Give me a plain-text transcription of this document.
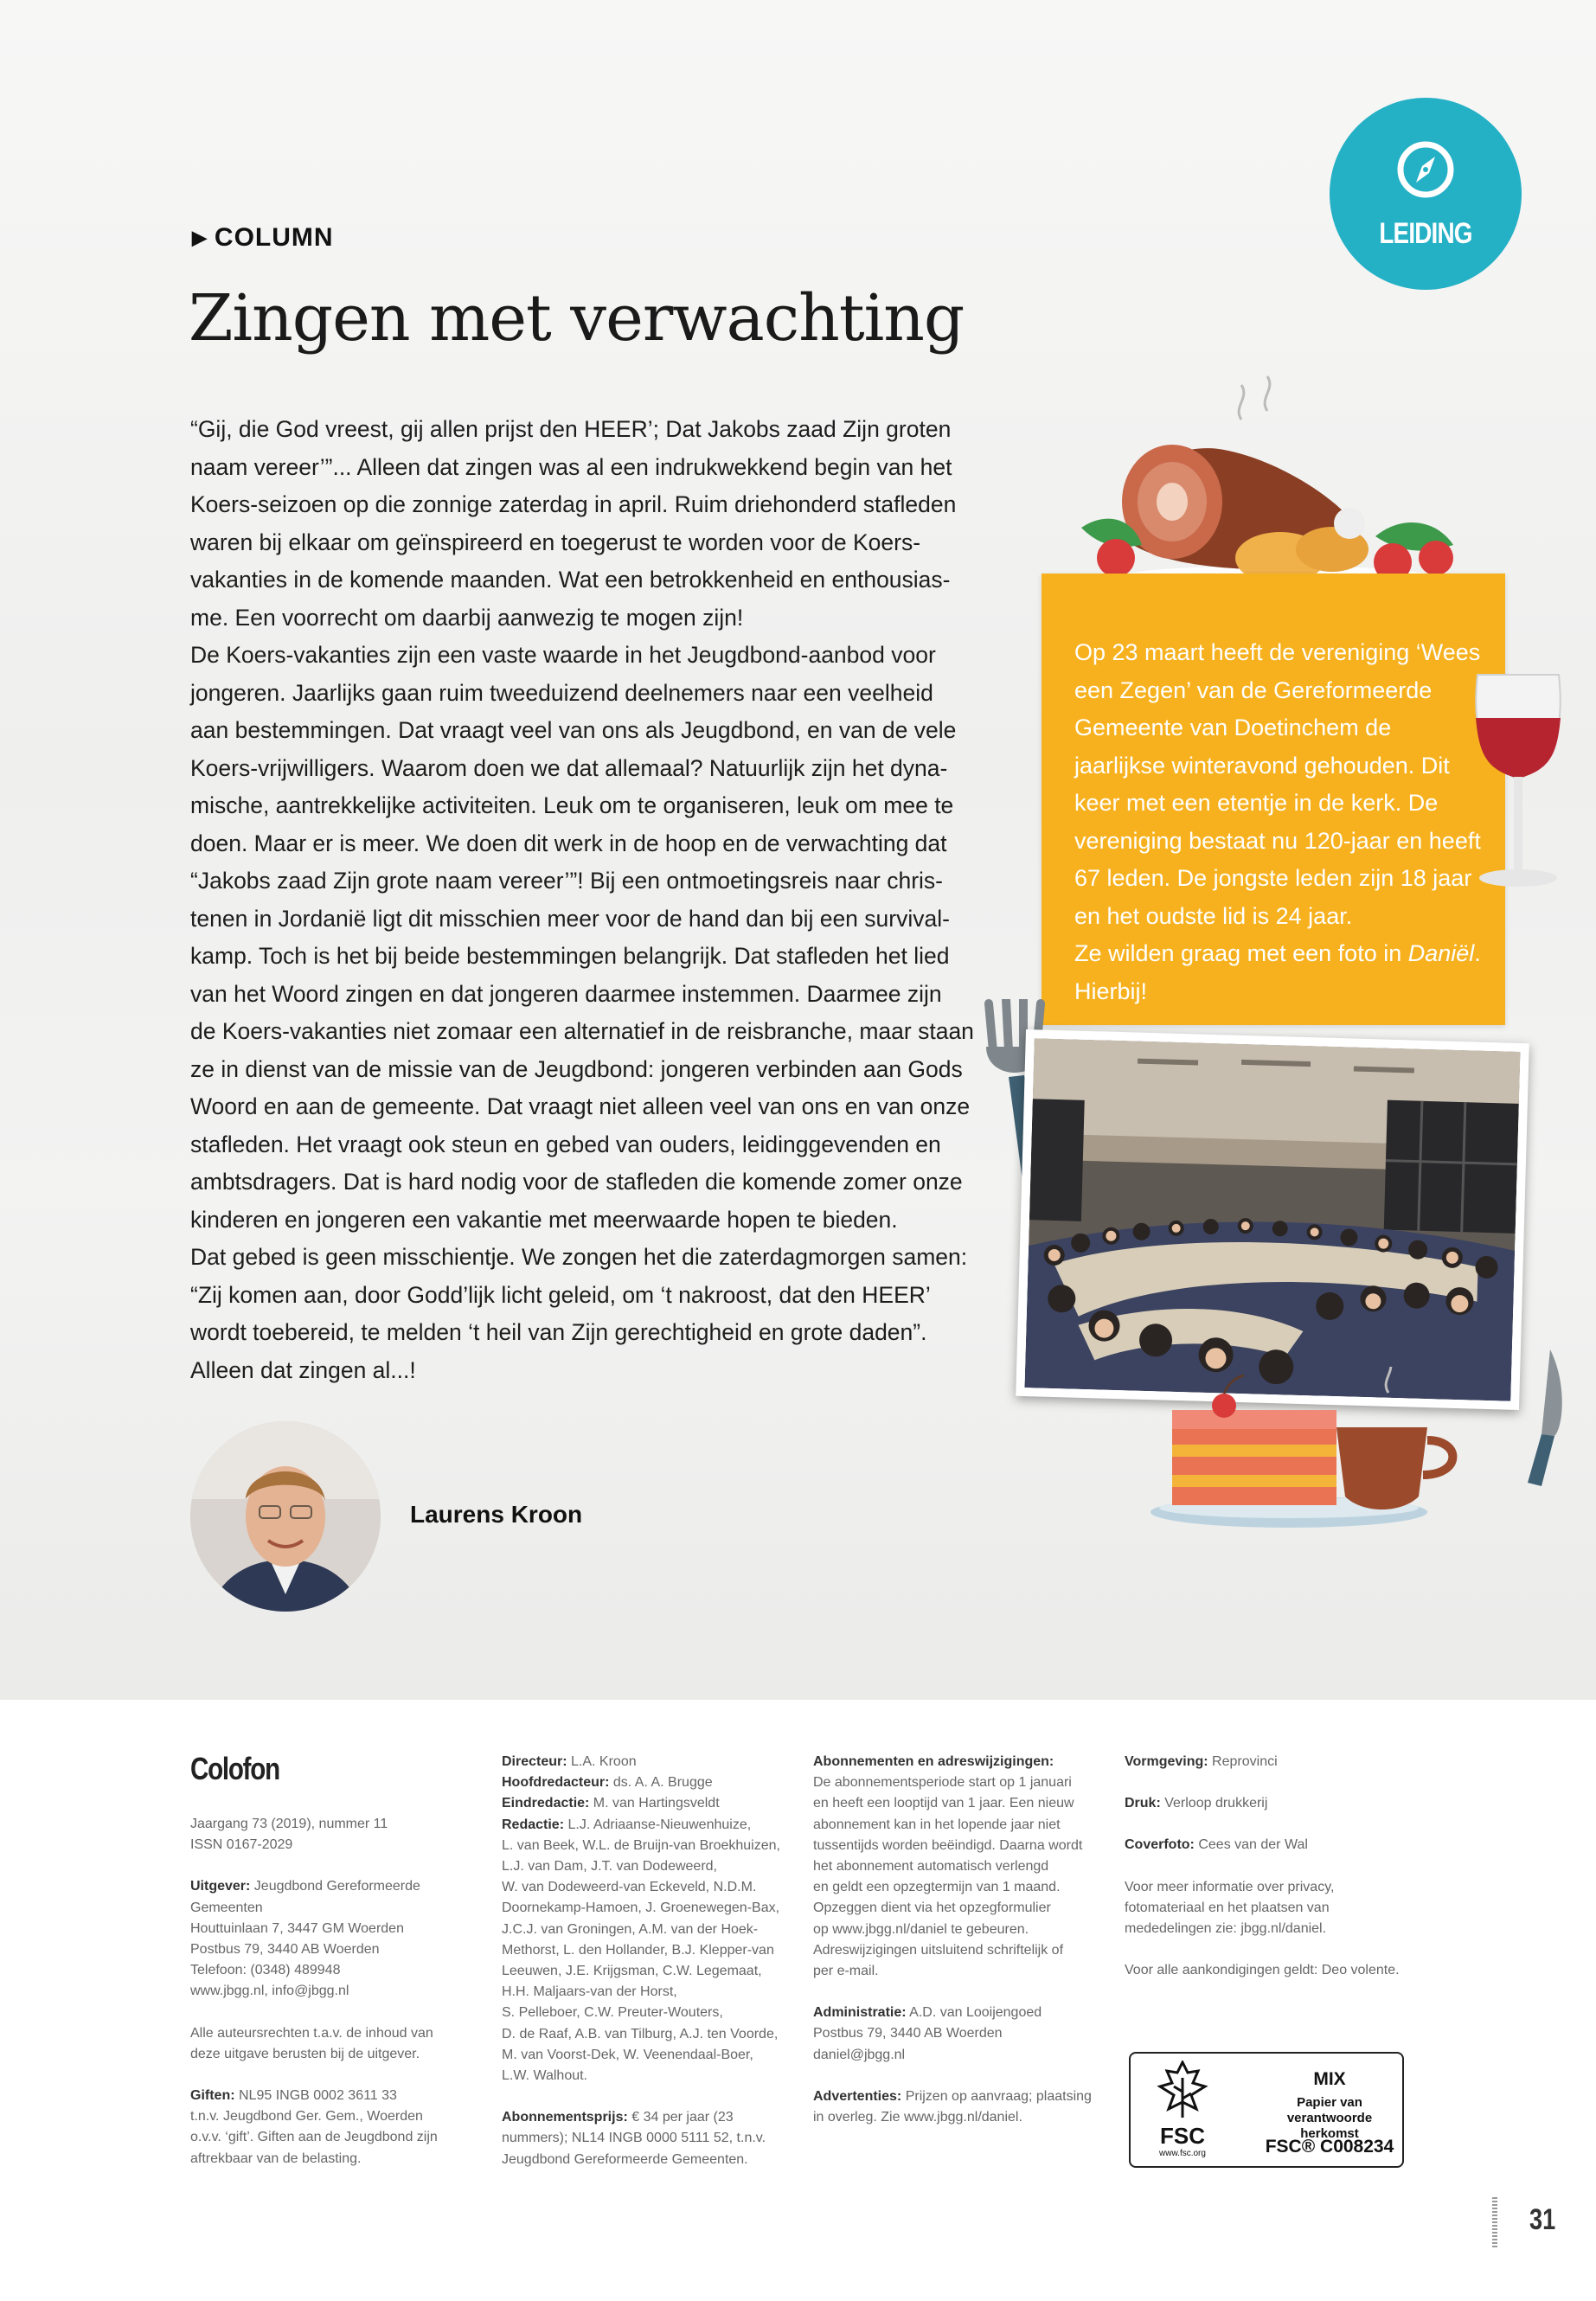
LEIDING
▶ COLUMN
Zingen met verwachting
“Gij, die God vreest, gij allen prijst den HEER’; Dat Jakobs zaad Zijn groten
naam vereer’”... Alleen dat zingen was al een indrukwekkend begin van het
Koers-seizoen op die zonnige zaterdag in april. Ruim driehonderd stafleden
waren bij elkaar om geïnspireerd en toegerust te worden voor de Koers-
vakanties in de komende maanden. Wat een betrokkenheid en enthousias-
me. Een voorrecht om daarbij aanwezig te mogen zijn!
De Koers-vakanties zijn een vaste waarde in het Jeugdbond-aanbod voor
jongeren. Jaarlijks gaan ruim tweeduizend deelnemers naar een veelheid
aan bestemmingen. Dat vraagt veel van ons als Jeugdbond, en van de vele
Koers-vrijwilligers. Waarom doen we dat allemaal? Natuurlijk zijn het dyna-
mische, aantrekkelijke activiteiten. Leuk om te organiseren, leuk om mee te
doen. Maar er is meer. We doen dit werk in de hoop en de verwachting dat
“Jakobs zaad Zijn grote naam vereer’”! Bij een ontmoetingsreis naar chris-
tenen in Jordanië ligt dit misschien meer voor de hand dan bij een survival-
kamp. Toch is het bij beide bestemmingen belangrijk. Dat stafleden het lied
van het Woord zingen en dat jongeren daarmee instemmen. Daarmee zijn
de Koers-vakanties niet zomaar een alternatief in de reisbranche, maar staan
ze in dienst van de missie van de Jeugdbond: jongeren verbinden aan Gods
Woord en aan de gemeente. Dat vraagt niet alleen veel van ons en van onze
stafleden. Het vraagt ook steun en gebed van ouders, leidinggevenden en
ambtsdragers. Dat is hard nodig voor de stafleden die komende zomer onze
kinderen en jongeren een vakantie met meerwaarde hopen te bieden.
Dat gebed is geen misschientje. We zongen het die zaterdagmorgen samen:
“Zij komen aan, door Godd’lijk licht geleid, om ‘t nakroost, dat den HEER’
wordt toebereid, te melden ‘t heil van Zijn gerechtigheid en grote daden”.
Alleen dat zingen al...!
Laurens Kroon
Op 23 maart heeft de vereniging ‘Wees
een Zegen’ van de Gereformeerde
Gemeente van Doetinchem de
jaarlijkse winteravond gehouden. Dit
keer met een etentje in de kerk. De
vereniging bestaat nu 120-jaar en heeft
67 leden. De jongste leden zijn 18 jaar
en het oudste lid is 24 jaar.
Ze wilden graag met een foto in Daniël.
Hierbij!
Colofon
Jaargang 73 (2019), nummer 11
ISSN 0167-2029
Uitgever: Jeugdbond Gereformeerde
Gemeenten
Houttuinlaan 7, 3447 GM Woerden
Postbus 79, 3440 AB Woerden
Telefoon: (0348) 489948
www.jbgg.nl, info@jbgg.nl
Alle auteursrechten t.a.v. de inhoud van
deze uitgave berusten bij de uitgever.
Giften: NL95 INGB 0002 3611 33
t.n.v. Jeugdbond Ger. Gem., Woerden
o.v.v. ‘gift’. Giften aan de Jeugdbond zijn
aftrekbaar van de belasting.
Directeur: L.A. Kroon
Hoofdredacteur: ds. A. A. Brugge
Eindredactie: M. van Hartingsveldt
Redactie: L.J. Adriaanse-Nieuwenhuize,
L. van Beek, W.L. de Bruijn-van Broekhuizen,
L.J. van Dam, J.T. van Dodeweerd,
W. van Dodeweerd-van Eckeveld, N.D.M.
Doornekamp-Hamoen, J. Groenewegen-Bax,
J.C.J. van Groningen, A.M. van der Hoek-
Methorst, L. den Hollander, B.J. Klepper-van
Leeuwen, J.E. Krijgsman, C.W. Legemaat,
H.H. Maljaars-van der Horst,
S. Pelleboer, C.W. Preuter-Wouters,
D. de Raaf, A.B. van Tilburg, A.J. ten Voorde,
M. van Voorst-Dek, W. Veenendaal-Boer,
L.W. Walhout.
Abonnementsprijs: € 34 per jaar (23
nummers); NL14 INGB 0000 5111 52, t.n.v.
Jeugdbond Gereformeerde Gemeenten.
Abonnementen en adreswijzigingen:
De abonnementsperiode start op 1 januari
en heeft een looptijd van 1 jaar. Een nieuw
abonnement kan in het lopende jaar niet
tussentijds worden beëindigd. Daarna wordt
het abonnement automatisch verlengd
en geldt een opzegtermijn van 1 maand.
Opzeggen dient via het opzegformulier
op www.jbgg.nl/daniel te gebeuren.
Adreswijzigingen uitsluitend schriftelijk of
per e-mail.
Administratie: A.D. van Looijengoed
Postbus 79, 3440 AB Woerden
daniel@jbgg.nl
Advertenties: Prijzen op aanvraag; plaatsing
in overleg. Zie www.jbgg.nl/daniel.
Vormgeving: Reprovinci
Druk: Verloop drukkerij
Coverfoto: Cees van der Wal
Voor meer informatie over privacy,
fotomateriaal en het plaatsen van
mededelingen zie: jbgg.nl/daniel.
Voor alle aankondigingen geldt: Deo volente.
FSC
www.fsc.org
MIX
Papier van
verantwoorde herkomst
FSC® C008234
31
